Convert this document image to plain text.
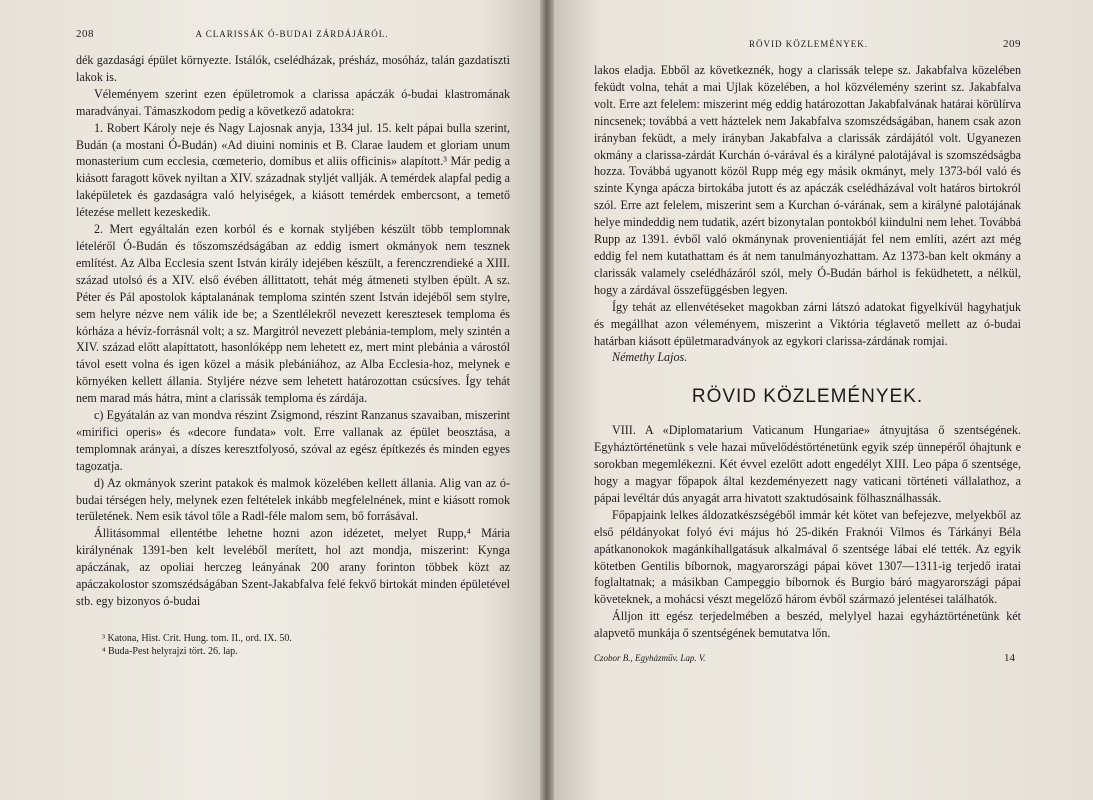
208	A CLARISSÁK Ó-BUDAI ZÁRDÁJÁRÓL.

dék gazdasági épület környezte. Istálók, cselédházak, présház, mosóház, talán gazdatiszti lakok is.

Véleményem szerint ezen épületromok a clarissa apáczák ó-budai klastromának maradványai. Támaszkodom pedig a következő adatokra:

1. Robert Károly neje és Nagy Lajosnak anyja, 1334 jul. 15. kelt pápai bulla szerint, Budán (a mostani Ó-Budán) «Ad diuini nominis et B. Clarae laudem et gloriam unum monasterium cum ecclesia, cœmeterio, domibus et aliis officinis» alapított.³ Már pedig a kiásott faragott kövek nyiltan a XIV. századnak styljét vallják. A temérdek alapfal pedig a laképületek és gazdaságra való helyiségek, a kiásott temérdek embercsont, a temető létezése mellett kezeskedik.

2. Mert egyáltalán ezen korból és e kornak styljében készült több templomnak lételéről Ó-Budán és tőszomszédságában az eddig ismert okmányok nem tesznek említést. Az Alba Ecclesia szent István király idejében készült, a ferenczrendieké a XIII. század utolsó és a XIV. első évében állittatott, tehát még átmeneti stylben épült. A sz. Péter és Pál apostolok káptalanának temploma szintén szent István idejéből sem stylre, sem helyre nézve nem válik ide be; a Szentlélekről nevezett keresztesek temploma és kórháza a hévíz-forrásnál volt; a sz. Margitról nevezett plebánia-templom, mely szintén a XIV. század előtt alapíttatott, hasonlóképp nem lehetett ez, mert mint plebánia a várostól távol esett volna és igen közel a másik plebániához, az Alba Ecclesia-hoz, melynek e környéken kellett állania. Styljére nézve sem lehetett határozottan csúcsíves. Így tehát nem marad más hátra, mint a clarissák temploma és zárdája.

c) Egyátalán az van mondva részint Zsigmond, részint Ranzanus szavaiban, miszerint «mirifici operis» és «decore fundata» volt. Erre vallanak az épület beosztása, a templomnak arányai, a díszes keresztfolyosó, szóval az egész építkezés és minden egyes tagozatja.

d) Az okmányok szerint patakok és malmok közelében kellett állania. Alig van az ó-budai térségen hely, melynek ezen feltételek inkább megfelelnének, mint e kiásott romok területének. Nem esik távol tőle a Radl-féle malom sem, bő forrásával.

Állitásommal ellentétbe lehetne hozni azon idézetet, melyet Rupp,⁴ Mária királynénak 1391-ben kelt leveléből merített, hol azt mondja, miszerint: Kynga apáczának, az opoliai herczeg leányának 200 arany forinton többek közt az apáczakolostor szomszédságában Szent-Jakabfalva felé fekvő birtokát minden épületével stb. egy bizonyos ó-budai

³ Katona, Hist. Crit. Hung. tom. II., ord. IX. 50.
⁴ Buda-Pest helyrajzi tört. 26. lap.
RÖVID KÖZLEMÉNYEK.	209

lakos eladja. Ebből az következnék, hogy a clarissák telepe sz. Jakabfalva közelében feküdt volna, tehát a mai Ujlak közelében, a hol közvélemény szerint sz. Jakabfalva volt. Erre azt felelem: miszerint még eddig határozottan Jakabfalvának határai körülírva nincsenek; továbbá a vett háztelek nem Jakabfalva szomszédságában, hanem csak azon irányban feküdt, a mely irányban Jakabfalva a clarissák zárdájától volt. Ugyanezen okmány a clarissa-zárdát Kurchán ó-várával és a királyné palotájával is szomszédságba hozza. Továbbá ugyanott közöl Rupp még egy másik okmányt, mely 1373-ból való és szinte Kynga apácza birtokába jutott és az apáczák cselédházával volt határos birtokról szól. Erre azt felelem, miszerint sem a Kurchan ó-várának, sem a királyné palotájának helye mindeddig nem tudatik, azért bizonytalan pontokból kiindulni nem lehet. Továbbá Rupp az 1391. évből való okmánynak provenientiáját fel nem említi, azért azt még eddig fel nem kutathattam és át nem tanulmányozhattam. Az 1373-ban kelt okmány a clarissák valamely cselédházáról szól, mely Ó-Budán bárhol is feküdhetett, a nélkül, hogy a zárdával összefüggésben legyen.

Így tehát az ellenvétéseket magokban zárni látszó adatokat figyelkívül hagyhatjuk és megállhat azon véleményem, miszerint a Viktória téglavető mellett az ó-budai határban kiásott épületmaradványok az egykori clarissa-zárdának romjai.

Némethy Lajos.

RÖVID KÖZLEMÉNYEK.

VIII. A «Diplomatarium Vaticanum Hungariae» átnyujtása ő szentségének. Egyháztörténetünk s vele hazai művelődéstörténetünk egyik szép ünnepéről óhajtunk e sorokban megemlékezni. Két évvel ezelőtt adott engedélyt XIII. Leo pápa ő szentsége, hogy a magyar főpapok által kezdeményezett nagy vaticani történeti vállalathoz, a pápai levéltár dús anyagát arra hivatott szaktudósaink fölhasználhassák.

Főpapjaink lelkes áldozatkészségéből immár két kötet van befejezve, melyekből az első példányokat folyó évi május hó 25-dikén Fraknói Vilmos és Tárkányi Béla apátkanonokok magánkihallgatásuk alkalmával ő szentsége lábai elé tették. Az egyik kötetben Gentilis bíbornok, magyarországi pápai követ 1307—1311-ig terjedő iratai foglaltatnak; a másikban Campeggio bíbornok és Burgio báró magyarországi pápai követeknek, a mohácsi vészt megelőző három évből származó jelentései találhatók.

Álljon itt egész terjedelmében a beszéd, melylyel hazai egyháztörténetünk két alapvető munkája ő szentségének bemutatva lőn.

Czobor B., Egyházműv. Lap. V.	14
